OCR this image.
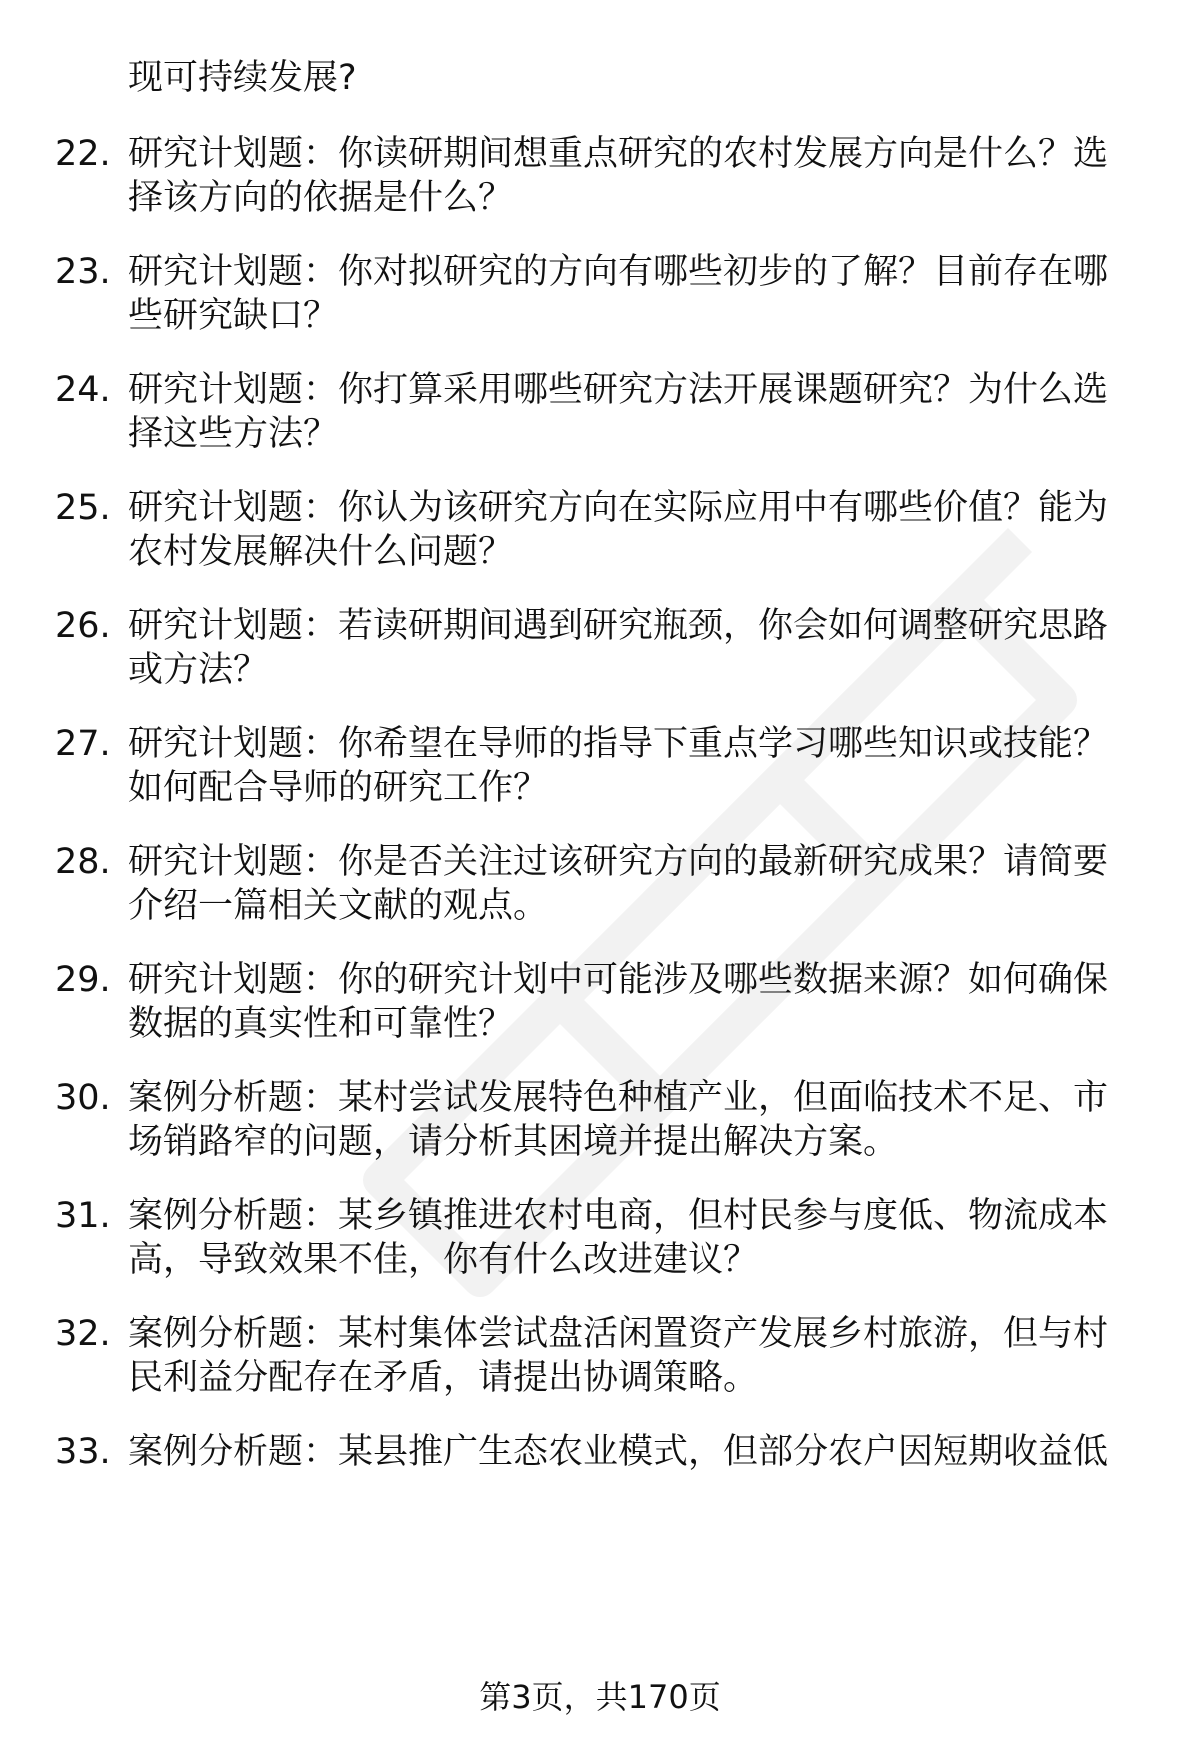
现可持续发展?
22. 研究计划题：你读研期间想重点研究的农村发展方向是什么？选
择该方向的依据是什么？
23. 研究计划题：你对拟研究的方向有哪些初步的了解？目前存在哪
些研究缺口？
24. 研究计划题：你打算采用哪些研究方法开展课题研究？为什么选
择这些方法？
25. 研究计划题：你认为该研究方向在实际应用中有哪些价值？能为
农村发展解决什么问题？
26. 研究计划题：若读研期间遇到研究瓶颈，你会如何调整研究思路
或方法？
27. 研究计划题：你希望在导师的指导下重点学习哪些知识或技能？
如何配合导师的研究工作？
28. 研究计划题：你是否关注过该研究方向的最新研究成果？请简要
介绍一篇相关文献的观点。
29. 研究计划题：你的研究计划中可能涉及哪些数据来源？如何确保
数据的真实性和可靠性？
30. 案例分析题：某村尝试发展特色种植产业，但面临技术不足、市
场销路窄的问题，请分析其困境并提出解决方案。
31. 案例分析题：某乡镇推进农村电商，但村民参与度低、物流成本
高，导致效果不佳，你有什么改进建议？
32. 案例分析题：某村集体尝试盘活闲置资产发展乡村旅游，但与村
民利益分配存在矛盾，请提出协调策略。
33. 案例分析题：某县推广生态农业模式，但部分农户因短期收益低
第3页，共170页
